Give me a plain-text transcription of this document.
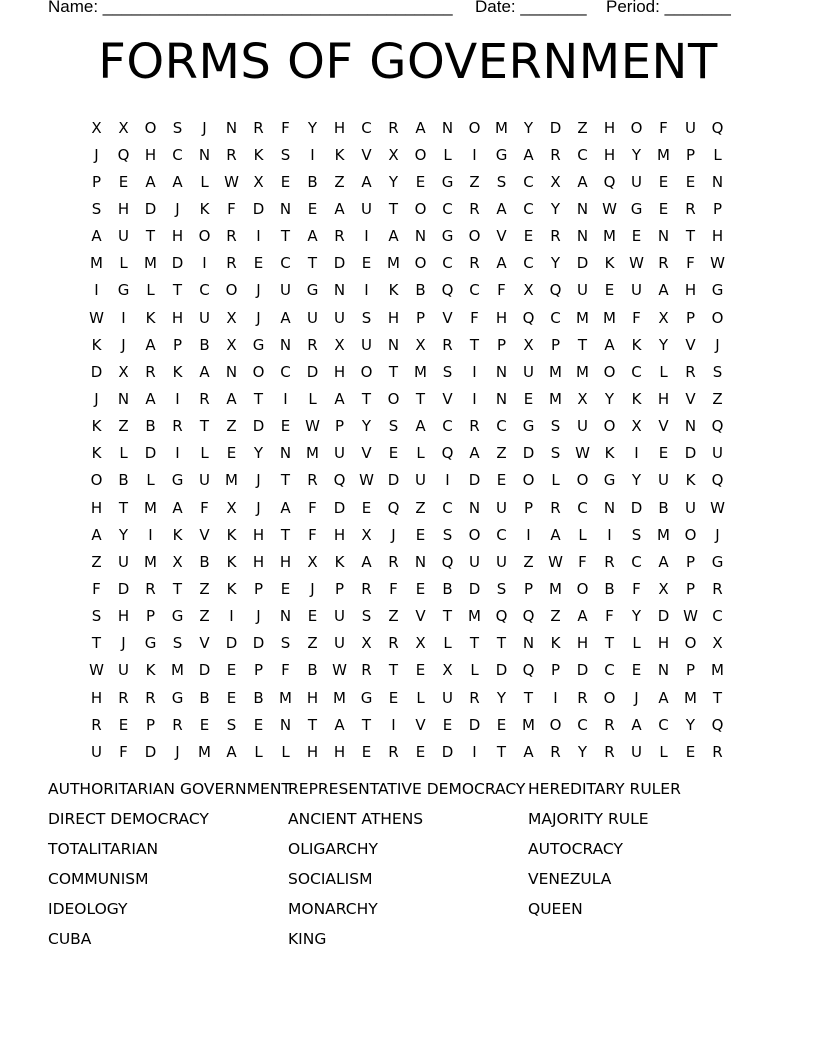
Name: _____________________________________ Date: _______ Period: _______
FORMS OF GOVERNMENT
X	X	O	S	J	N	R	F	Y	H	C	R	A	N	O M	Y	D	Z	H	O	F	U	Q
J	Q	H	C	N	R	K	S	I	K	V	X	O	L	I	G	A	R	C	H	Y	M	P	L
P	E	A	A	L	W X	E	B	Z	A	Y	E	G	Z	S	C	X	A	Q	U	E	E	N
S	H	D	J	K	F	D	N	E	A	U	T	O	C	R	A	C	Y	N W G	E	R	P
A	U	T	H	O	R	I	T	A	R	I	A	N	G	O	V	E	R	N M	E	N	T	H
M	L	M D	I	R	E	C	T	D	E	M O	C	R	A	C	Y	D	K W R	F	W
I	G	L	T	C	O	J	U	G	N	I	K	B	Q	C	F	X	Q	U	E	U	A	H	G
W	I	K	H	U	X	J	A	U	U	S	H	P	V	F	H	Q	C	M M	F	X	P	O
K	J	A	P	B	X	G	N	R	X	U	N	X	R	T	P	X	P	T	A	K	Y	V	J
D	X	R	K	A	N	O	C	D	H	O	T	M	S	I	N	U	M M O	C	L	R	S
J	N	A	I	R	A	T	I	L	A	T	O	T	V	I	N	E	M	X	Y	K	H	V	Z
K	Z	B	R	T	Z	D	E W	P	Y	S	A	C	R	C	G	S	U	O	X	V	N	Q
K	L	D	I	L	E	Y	N M	U	V	E	L	Q	A	Z	D	S W K	I	E	D	U
O	B	L	G	U	M	J	T	R	Q W D	U	I	D	E	O	L	O	G	Y	U	K	Q
H	T	M	A	F	X	J	A	F	D	E	Q	Z	C	N	U	P	R	C	N	D	B	U W
A	Y	I	K	V	K	H	T	F	H	X	J	E	S	O	C	I	A	L	I	S	M O	J
Z	U	M	X	B	K	H	H	X	K	A	R	N	Q	U	U	Z W	F	R	C	A	P	G
F	D	R	T	Z	K	P	E	J	P	R	F	E	B	D	S	P	M O	B	F	X	P	R
S	H	P	G	Z	I	J	N	E	U	S	Z	V	T	M Q	Q	Z	A	F	Y	D W C
T	J	G	S	V	D	D	S	Z	U	X	R	X	L	T	T	N	K	H	T	L	H	O	X
W U	K	M D	E	P	F	B W R	T	E	X	L	D	Q	P	D	C	E	N	P	M
H	R	R	G	B	E	B	M H M G	E	L	U	R	Y	T	I	R	O	J	A	M	T
R	E	P	R	E	S	E	N	T	A	T	I	V	E	D	E	M O	C	R	A	C	Y	Q
U	F	D	J	M	A	L	L	H	H	E	R	E	D	I	T	A	R	Y	R	U	L	E	R
AUTHORITARIAN GOVERNMENT
DIRECT DEMOCRACY
TOTALITARIAN
COMMUNISM
IDEOLOGY
CUBA
REPRESENTATIVE DEMOCRACY
ANCIENT ATHENS
OLIGARCHY
SOCIALISM
MONARCHY
KING
HEREDITARY RULER
MAJORITY RULE
AUTOCRACY
VENEZULA
QUEEN
